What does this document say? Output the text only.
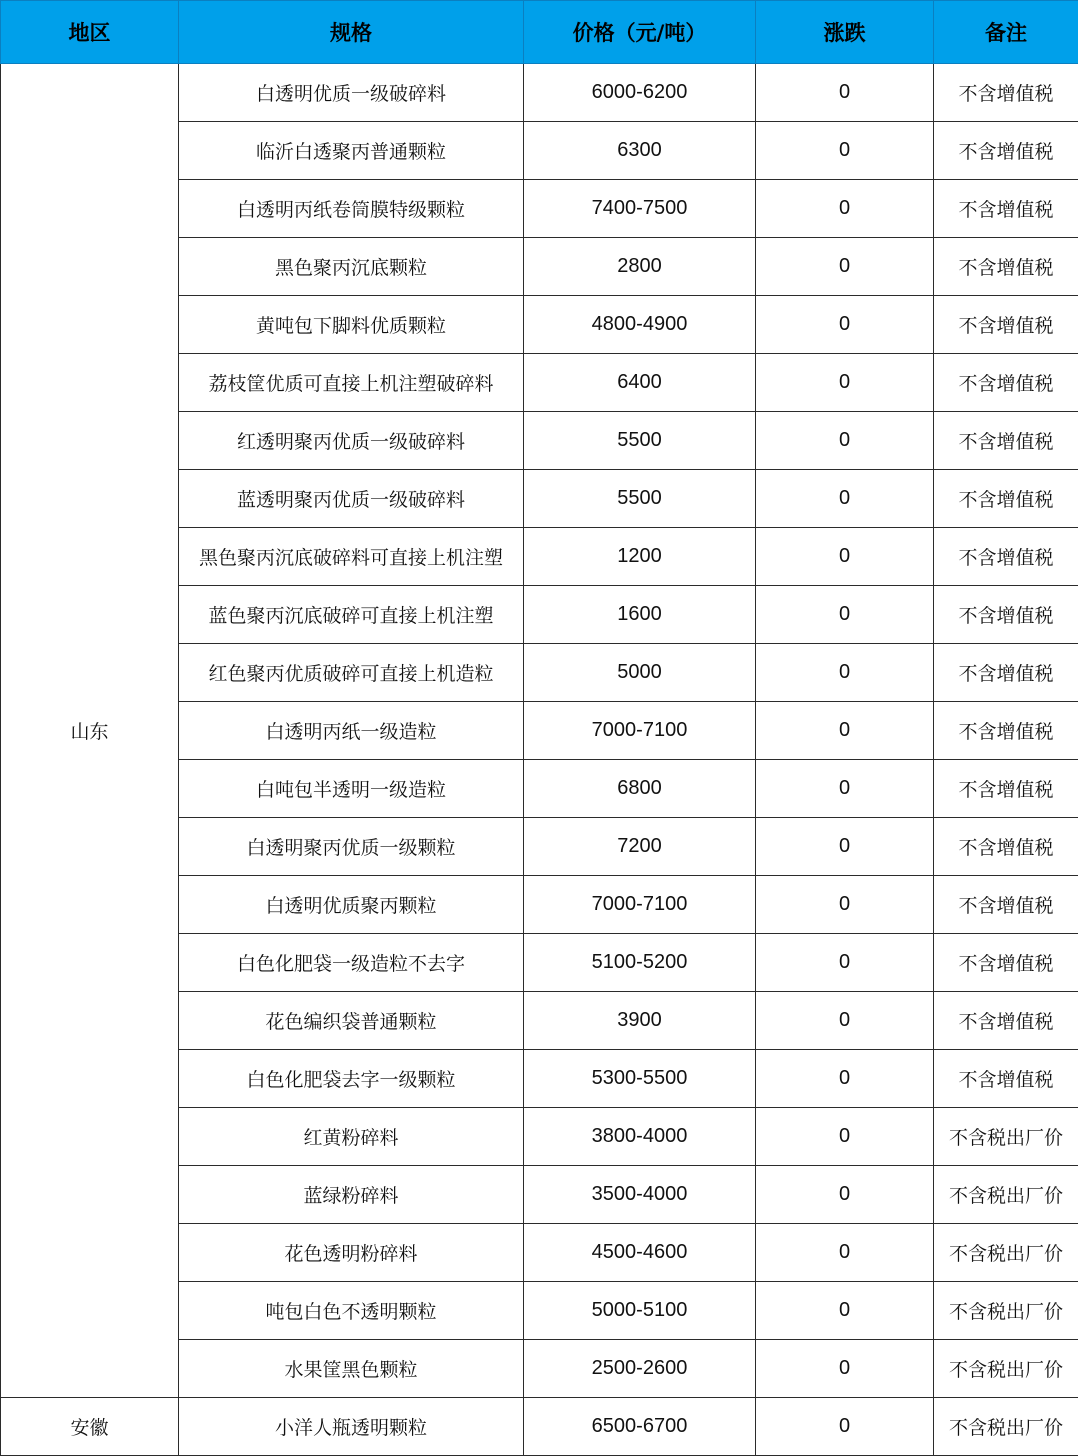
地区	规格	价格（元/吨）	涨跌	备注
山东	白透明优质一级破碎料	6000-6200	0	不含增值税
	临沂白透聚丙普通颗粒	6300	0	不含增值税
	白透明丙纸卷筒膜特级颗粒	7400-7500	0	不含增值税
	黑色聚丙沉底颗粒	2800	0	不含增值税
	黄吨包下脚料优质颗粒	4800-4900	0	不含增值税
	荔枝筐优质可直接上机注塑破碎料	6400	0	不含增值税
	红透明聚丙优质一级破碎料	5500	0	不含增值税
	蓝透明聚丙优质一级破碎料	5500	0	不含增值税
	黑色聚丙沉底破碎料可直接上机注塑	1200	0	不含增值税
	蓝色聚丙沉底破碎可直接上机注塑	1600	0	不含增值税
	红色聚丙优质破碎可直接上机造粒	5000	0	不含增值税
	白透明丙纸一级造粒	7000-7100	0	不含增值税
	白吨包半透明一级造粒	6800	0	不含增值税
	白透明聚丙优质一级颗粒	7200	0	不含增值税
	白透明优质聚丙颗粒	7000-7100	0	不含增值税
	白色化肥袋一级造粒不去字	5100-5200	0	不含增值税
	花色编织袋普通颗粒	3900	0	不含增值税
	白色化肥袋去字一级颗粒	5300-5500	0	不含增值税
	红黄粉碎料	3800-4000	0	不含税出厂价
	蓝绿粉碎料	3500-4000	0	不含税出厂价
	花色透明粉碎料	4500-4600	0	不含税出厂价
	吨包白色不透明颗粒	5000-5100	0	不含税出厂价
	水果筐黑色颗粒	2500-2600	0	不含税出厂价
安徽	小洋人瓶透明颗粒	6500-6700	0	不含税出厂价
